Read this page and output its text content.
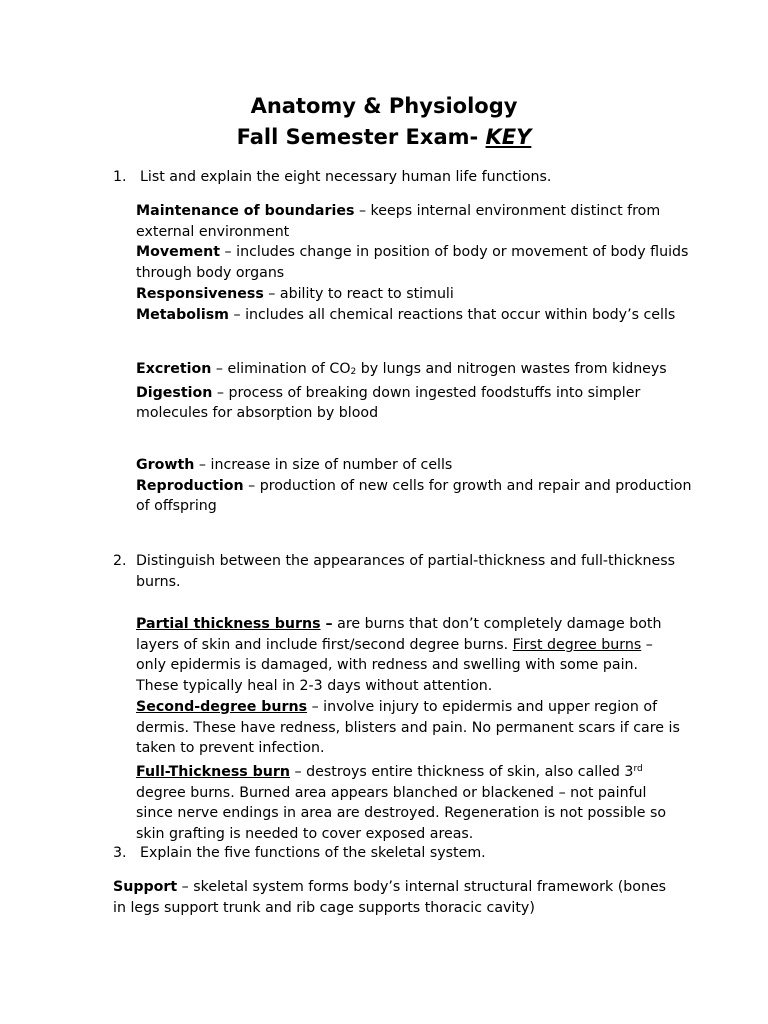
Anatomy & Physiology
Fall Semester Exam- KEY
1. List and explain the eight necessary human life functions.

Maintenance of boundaries – keeps internal environment distinct from external environment

Movement – includes change in position of body or movement of body fluids through body organs

Responsiveness – ability to react to stimuli

Metabolism – includes all chemical reactions that occur within body’s cells

Excretion – elimination of CO2 by lungs and nitrogen wastes from kidneys

Digestion – process of breaking down ingested foodstuffs into simpler molecules for absorption by blood

Growth – increase in size of number of cells

Reproduction – production of new cells for growth and repair and production of offspring

2. Distinguish between the appearances of partial-thickness and full-thickness burns.

Partial thickness burns – are burns that don’t completely damage both layers of skin and include first/second degree burns. First degree burns – only epidermis is damaged, with redness and swelling with some pain. These typically heal in 2-3 days without attention.

Second-degree burns – involve injury to epidermis and upper region of dermis. These have redness, blisters and pain. No permanent scars if care is taken to prevent infection.

Full-Thickness burn – destroys entire thickness of skin, also called 3rd degree burns. Burned area appears blanched or blackened – not painful since nerve endings in area are destroyed. Regeneration is not possible so skin grafting is needed to cover exposed areas.

3. Explain the five functions of the skeletal system.

Support – skeletal system forms body’s internal structural framework (bones in legs support trunk and rib cage supports thoracic cavity)
